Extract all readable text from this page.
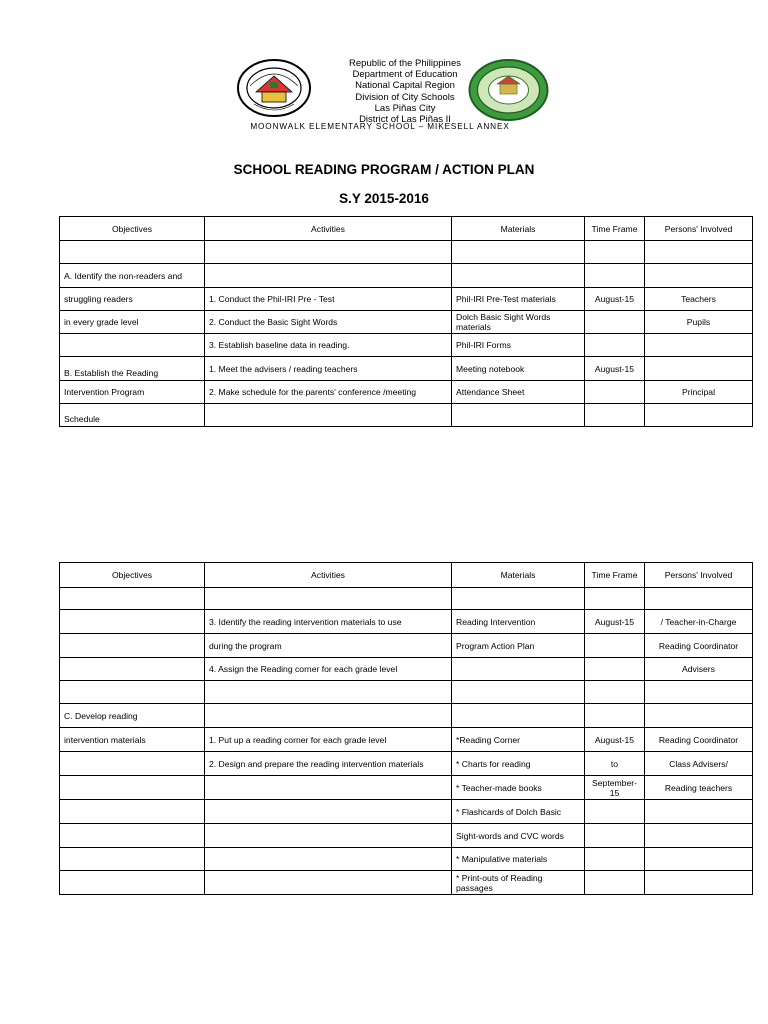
Republic of the Philippines
Department of Education
National Capital Region
Division of City Schools
Las Piñas City
District of Las Piñas II
MOONWALK ELEMENTARY SCHOOL – MIKESELL ANNEX
SCHOOL READING PROGRAM / ACTION PLAN
S.Y 2015-2016
Objectives	Activities	Materials	Time Frame	Persons' Involved

A. Identify the non-readers and				
struggling readers	1. Conduct the Phil-IRI Pre - Test	Phil-IRI Pre-Test materials	August-15	Teachers
in every grade level	2. Conduct the Basic Sight Words	Dolch Basic Sight Words materials		Pupils
	3. Establish baseline data in reading.	Phil-IRI Forms		
B. Establish the Reading	1. Meet the advisers / reading teachers	Meeting notebook	August-15	
Intervention Program	2. Make schedule for the parents' conference /meeting	Attendance Sheet		Principal
Schedule				
Objectives	Activities	Materials	Time Frame	Persons' Involved

	3. Identify the reading intervention materials to use	Reading Intervention	August-15	/ Teacher-in-Charge
	during the program	Program Action Plan		Reading Coordinator
	4. Assign the Reading corner for each grade level			Advisers

C. Develop reading				
intervention materials	1. Put up a reading corner for each grade level	*Reading Corner	August-15	Reading Coordinator
	2. Design and prepare the reading intervention materials	* Charts for reading	to	Class Advisers/
		* Teacher-made books	September-15	Reading teachers
		* Flashcards of Dolch Basic		
		Sight-words and CVC words		
		* Manipulative materials		
		* Print-outs of Reading passages		
